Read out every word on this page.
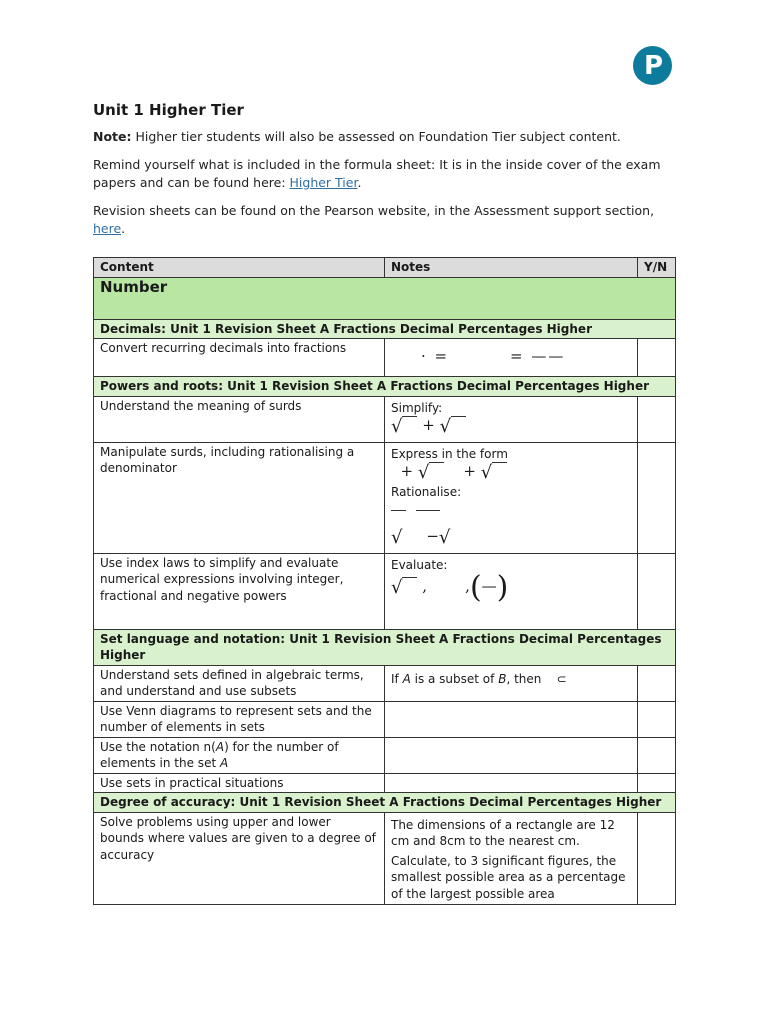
P
Unit 1 Higher Tier
Note: Higher tier students will also be assessed on Foundation Tier subject content.
Remind yourself what is included in the formula sheet: It is in the inside cover of the exam papers and can be found here: Higher Tier.
Revision sheets can be found on the Pearson website, in the Assessment support section, here.
Content	Notes	Y/N
Number		
Decimals: Unit 1 Revision Sheet A Fractions Decimal Percentages Higher		
Convert recurring decimals into fractions	· =         = ——	

Powers and roots: Unit 1 Revision Sheet A Fractions Decimal Percentages Higher		
Understand the meaning of surds	Simplify:
√  + √	

Manipulate surds, including rationalising a denominator	Express in the form
+ √     + √
Rationalise:

√     −√	

Use index laws to simplify and evaluate numerical expressions involving integer, fractional and negative powers	Evaluate:
√  ,        ,(—)	

Set language and notation: Unit 1 Revision Sheet A Fractions Decimal Percentages Higher		
Understand sets defined in algebraic terms, and understand and use subsets	If A is a subset of B, then    ⊂	
Use Venn diagrams to represent sets and the number of elements in sets		
Use the notation n(A) for the number of elements in the set A		
Use sets in practical situations		
Degree of accuracy: Unit 1 Revision Sheet A Fractions Decimal Percentages Higher		
Solve problems using upper and lower bounds where values are given to a degree of accuracy	The dimensions of a rectangle are 12 cm and 8cm to the nearest cm.
Calculate, to 3 significant figures, the smallest possible area as a percentage of the largest possible area	
